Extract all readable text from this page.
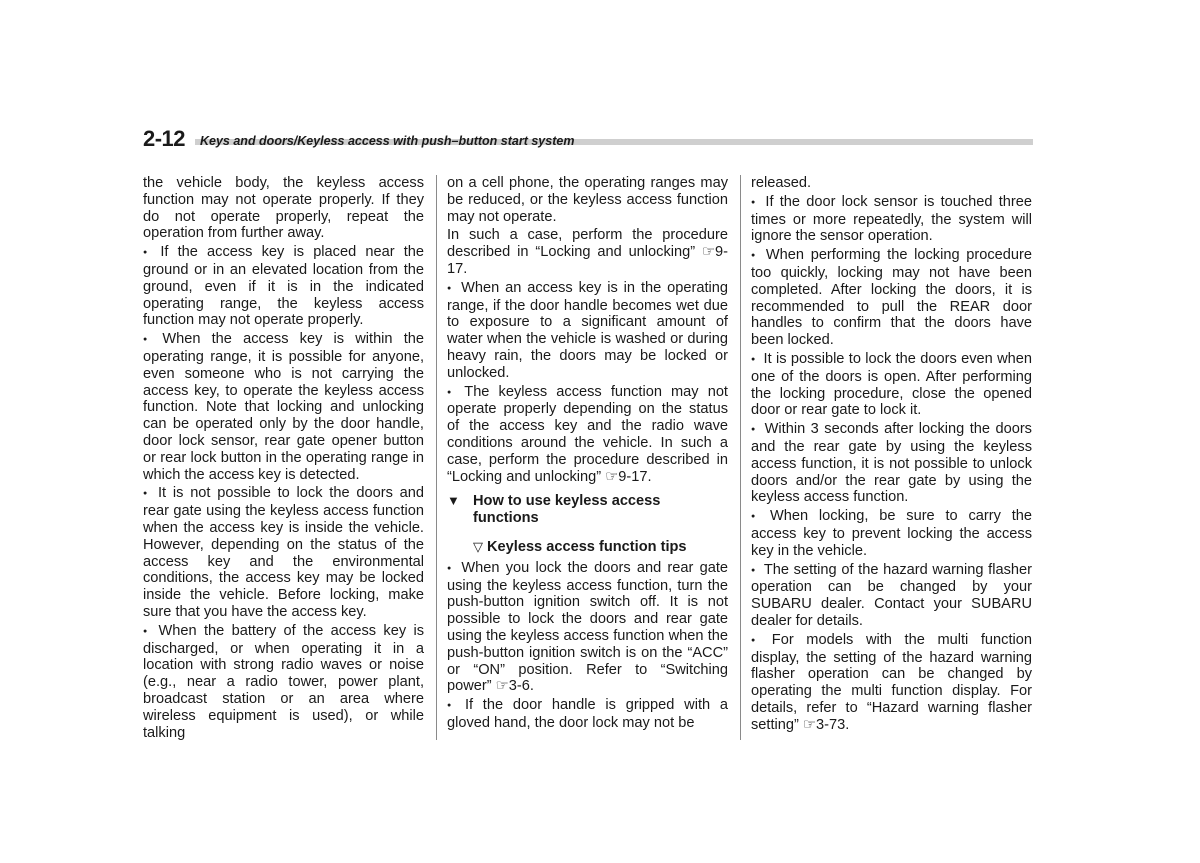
2-12 Keys and doors/Keyless access with push–button start system

the vehicle body, the keyless access function may not operate properly. If they do not operate properly, repeat the operation from further away.

● If the access key is placed near the ground or in an elevated location from the ground, even if it is in the indicated operating range, the keyless access function may not operate properly.

● When the access key is within the operating range, it is possible for anyone, even someone who is not carrying the access key, to operate the keyless access function. Note that locking and unlocking can be operated only by the door handle, door lock sensor, rear gate opener button or rear lock button in the operating range in which the access key is detected.

● It is not possible to lock the doors and rear gate using the keyless access function when the access key is inside the vehicle. However, depending on the status of the access key and the environmental conditions, the access key may be locked inside the vehicle. Before locking, make sure that you have the access key.

● When the battery of the access key is discharged, or when operating it in a location with strong radio waves or noise (e.g., near a radio tower, power plant, broadcast station or an area where wireless equipment is used), or while talking

on a cell phone, the operating ranges may be reduced, or the keyless access function may not operate.

In such a case, perform the procedure described in “Locking and unlocking” ☞9-17.

● When an access key is in the operating range, if the door handle becomes wet due to exposure to a significant amount of water when the vehicle is washed or during heavy rain, the doors may be locked or unlocked.

● The keyless access function may not operate properly depending on the status of the access key and the radio wave conditions around the vehicle. In such a case, perform the procedure described in “Locking and unlocking” ☞9-17.

▼ How to use keyless access functions

▽ Keyless access function tips

● When you lock the doors and rear gate using the keyless access function, turn the push-button ignition switch off. It is not possible to lock the doors and rear gate using the keyless access function when the push-button ignition switch is on the “ACC” or “ON” position. Refer to “Switching power” ☞3-6.

● If the door handle is gripped with a gloved hand, the door lock may not be

released.

● If the door lock sensor is touched three times or more repeatedly, the system will ignore the sensor operation.

● When performing the locking procedure too quickly, locking may not have been completed. After locking the doors, it is recommended to pull the REAR door handles to confirm that the doors have been locked.

● It is possible to lock the doors even when one of the doors is open. After performing the locking procedure, close the opened door or rear gate to lock it.

● Within 3 seconds after locking the doors and the rear gate by using the keyless access function, it is not possible to unlock doors and/or the rear gate by using the keyless access function.

● When locking, be sure to carry the access key to prevent locking the access key in the vehicle.

● The setting of the hazard warning flasher operation can be changed by your SUBARU dealer. Contact your SUBARU dealer for details.

● For models with the multi function display, the setting of the hazard warning flasher operation can be changed by operating the multi function display. For details, refer to “Hazard warning flasher setting” ☞3-73.
